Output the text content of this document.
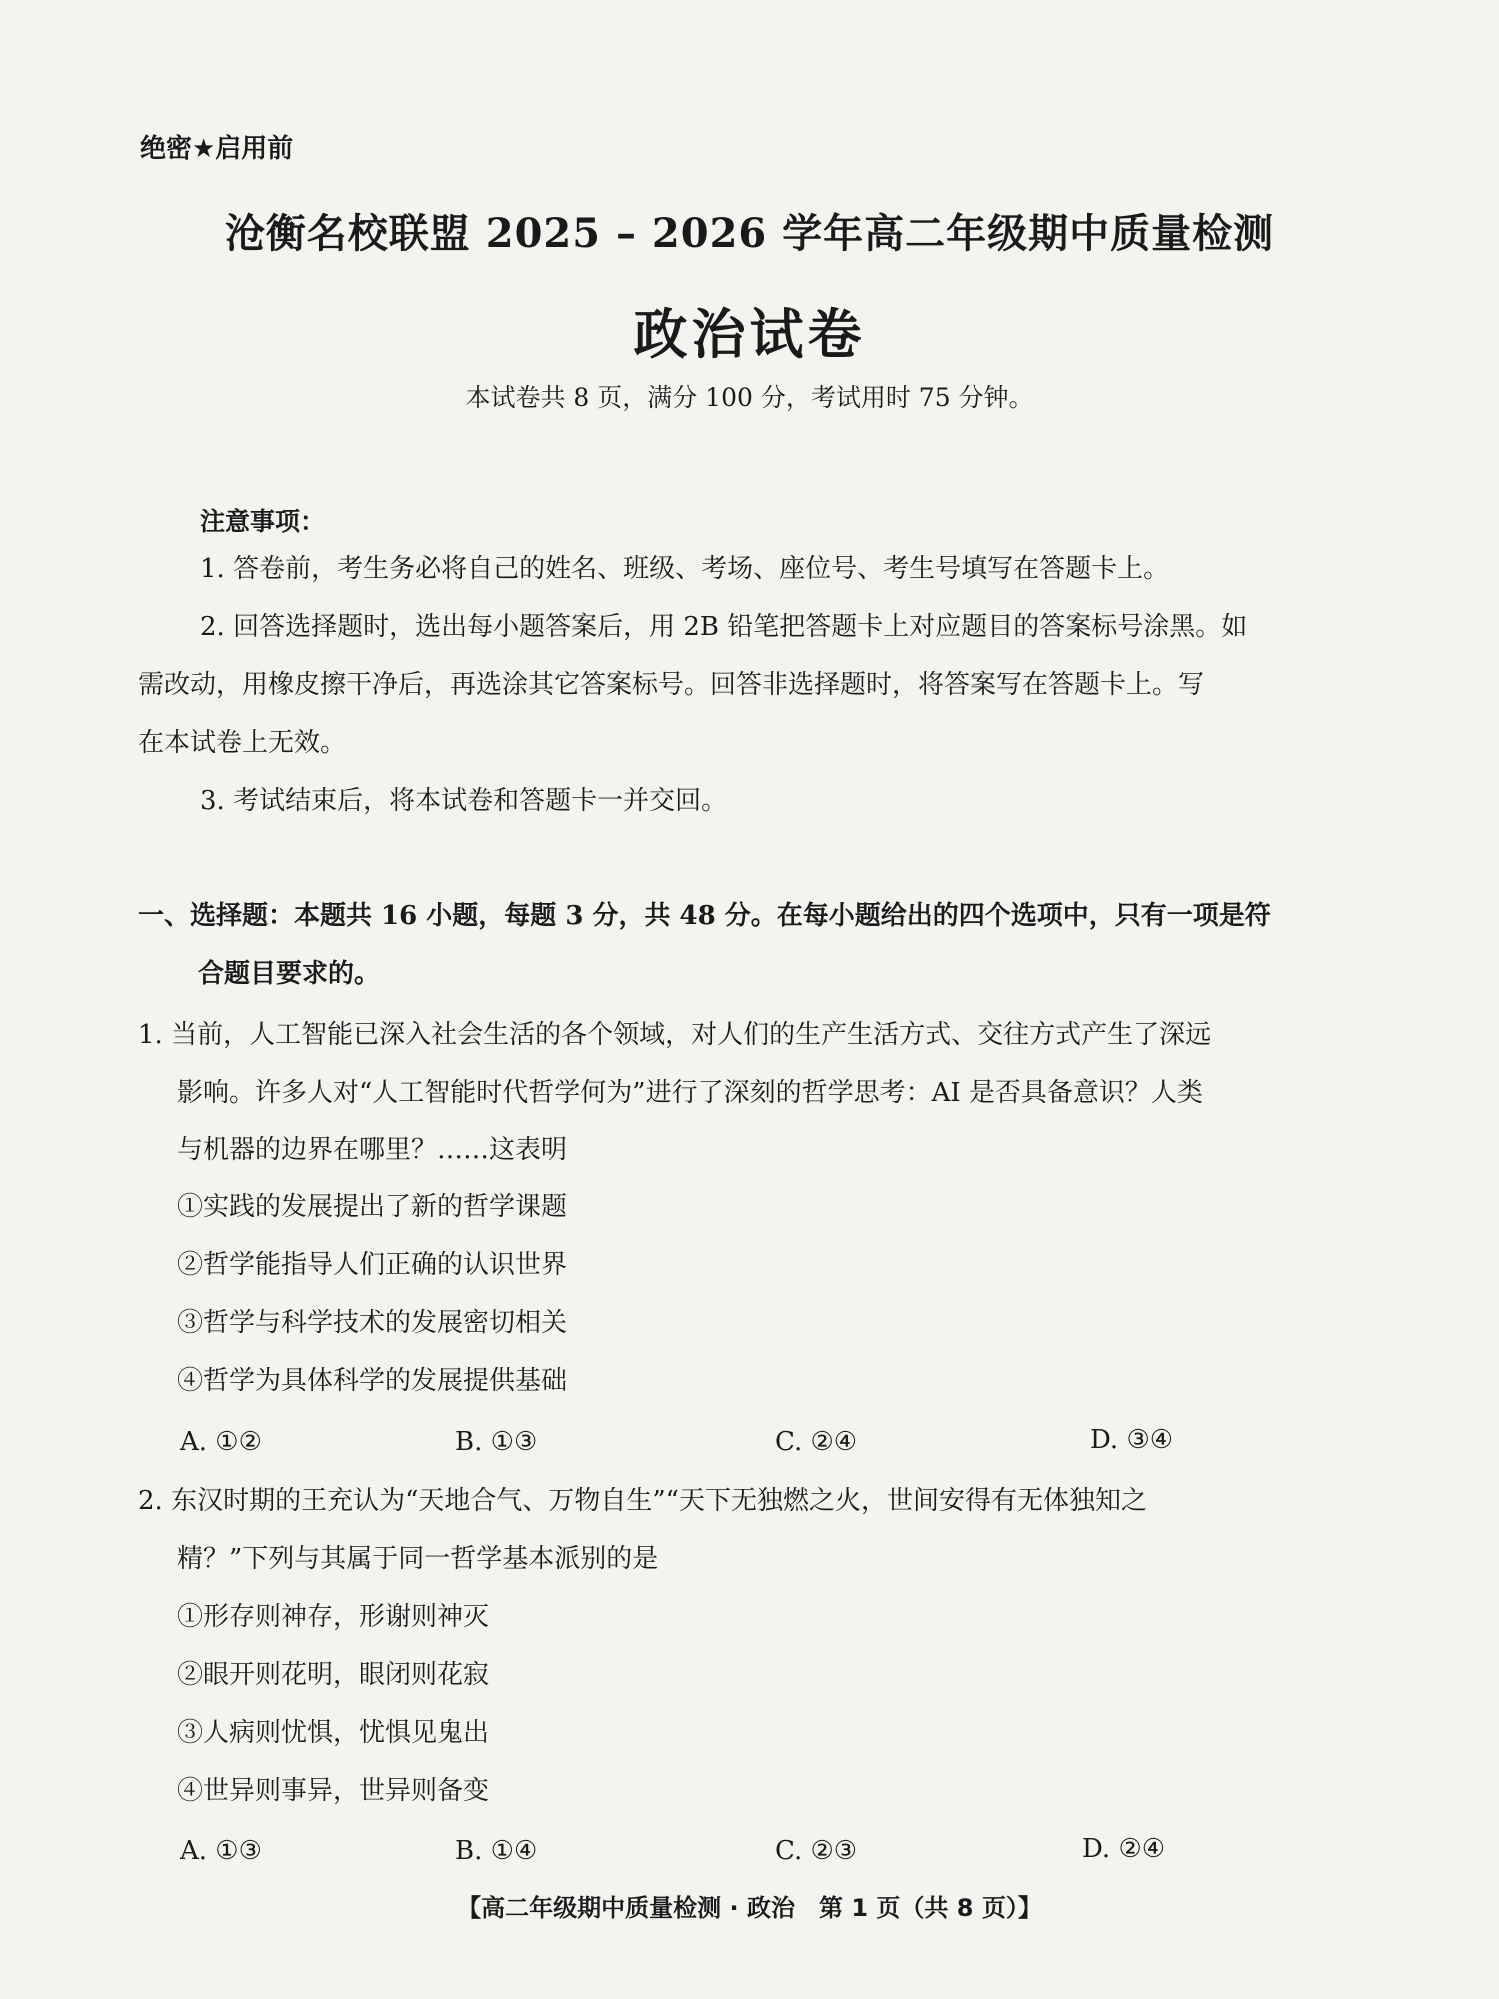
绝密★启用前
沧衡名校联盟 2025 – 2026 学年高二年级期中质量检测
政治试卷
本试卷共 8 页，满分 100 分，考试用时 75 分钟。
注意事项：
1. 答卷前，考生务必将自己的姓名、班级、考场、座位号、考生号填写在答题卡上。
2. 回答选择题时，选出每小题答案后，用 2B 铅笔把答题卡上对应题目的答案标号涂黑。如
需改动，用橡皮擦干净后，再选涂其它答案标号。回答非选择题时，将答案写在答题卡上。写
在本试卷上无效。
3. 考试结束后，将本试卷和答题卡一并交回。
一、选择题：本题共 16 小题，每题 3 分，共 48 分。在每小题给出的四个选项中，只有一项是符
合题目要求的。
1. 当前，人工智能已深入社会生活的各个领域，对人们的生产生活方式、交往方式产生了深远
影响。许多人对“人工智能时代哲学何为”进行了深刻的哲学思考：AI 是否具备意识？人类
与机器的边界在哪里？……这表明
①实践的发展提出了新的哲学课题
②哲学能指导人们正确的认识世界
③哲学与科学技术的发展密切相关
④哲学为具体科学的发展提供基础
A. ①②	B. ①③	C. ②④	D. ③④
2. 东汉时期的王充认为“天地合气、万物自生”“天下无独燃之火，世间安得有无体独知之
精？”下列与其属于同一哲学基本派别的是
①形存则神存，形谢则神灭
②眼开则花明，眼闭则花寂
③人病则忧惧，忧惧见鬼出
④世异则事异，世异则备变
A. ①③	B. ①④	C. ②③	D. ②④
【高二年级期中质量检测 · 政治　第 1 页（共 8 页）】
